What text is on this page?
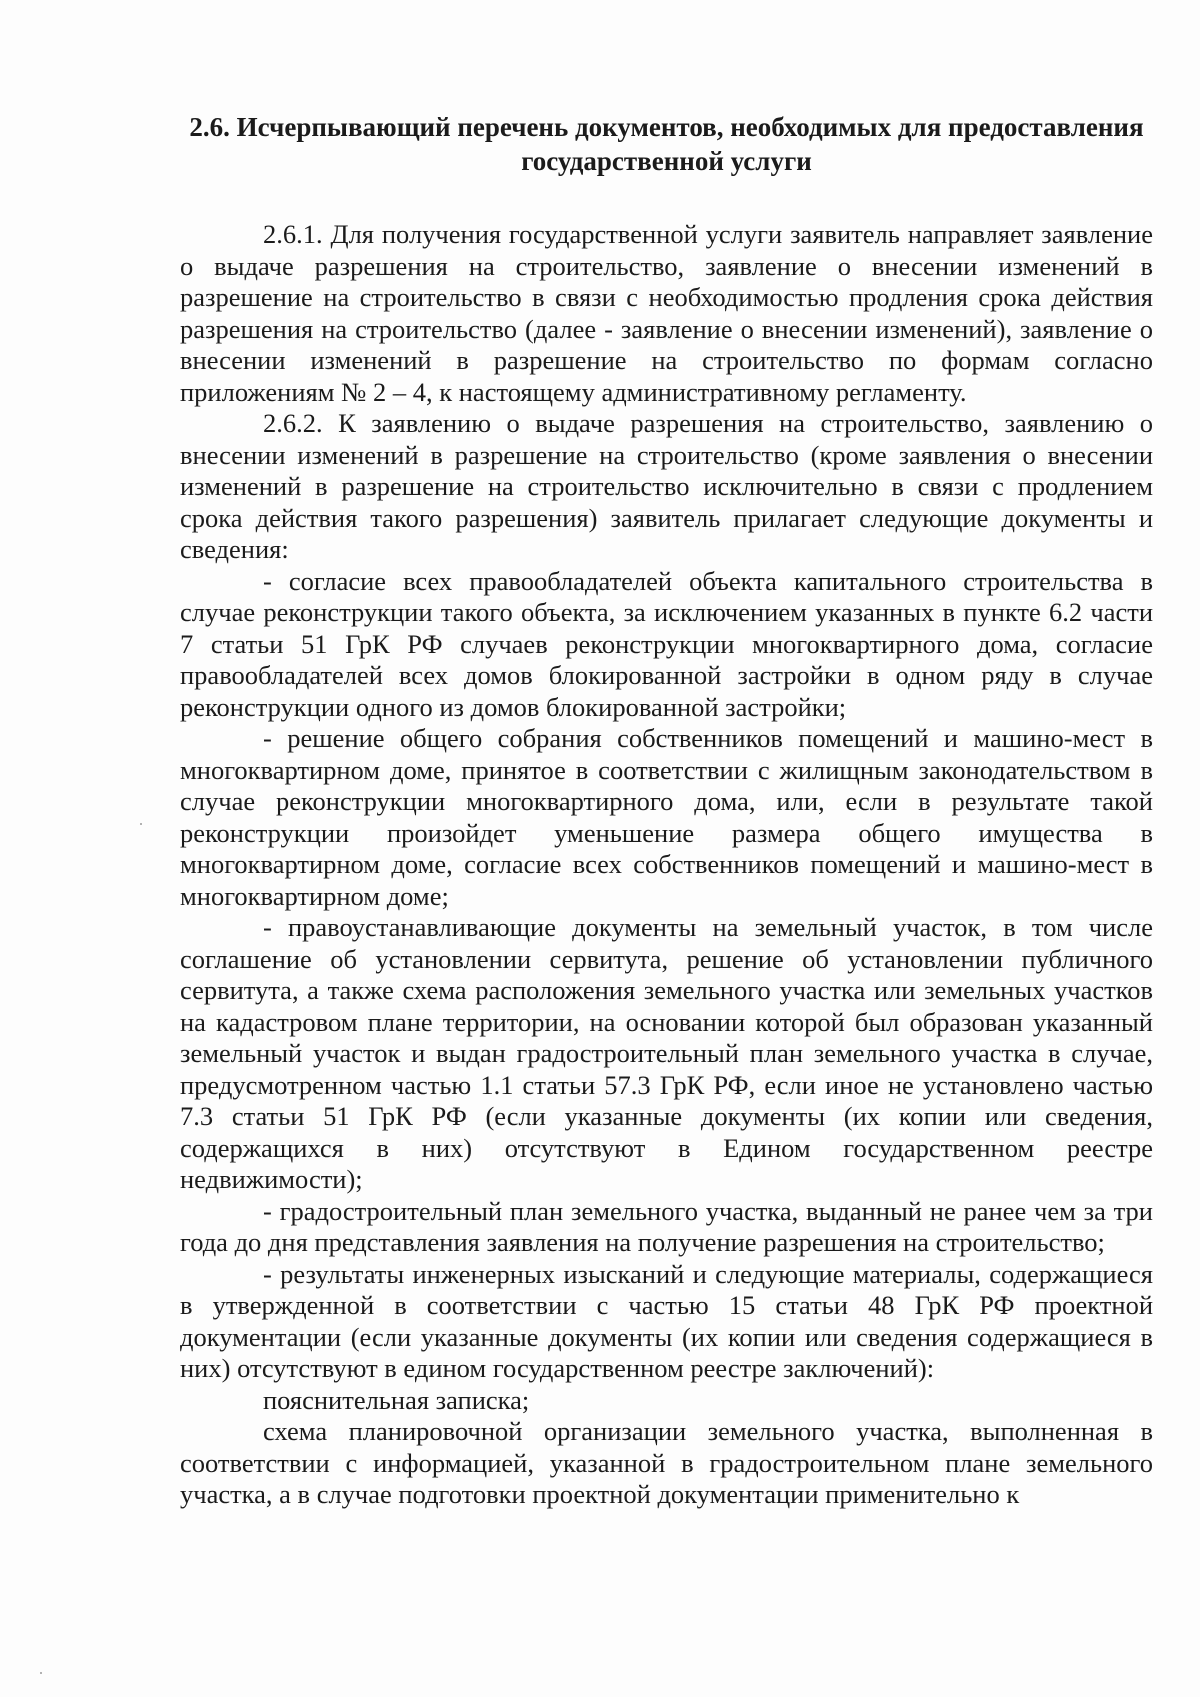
2.6. Исчерпывающий перечень документов, необходимых для предоставления
государственной услуги

2.6.1. Для получения государственной услуги заявитель направляет заявление о выдаче разрешения на строительство, заявление о внесении изменений в разрешение на строительство в связи с необходимостью продления срока действия разрешения на строительство (далее - заявление о внесении изменений), заявление о внесении изменений в разрешение на строительство по формам согласно приложениям № 2 – 4, к настоящему административному регламенту.

2.6.2. К заявлению о выдаче разрешения на строительство, заявлению о внесении изменений в разрешение на строительство (кроме заявления о внесении изменений в разрешение на строительство исключительно в связи с продлением срока действия такого разрешения) заявитель прилагает следующие документы и сведения:

- согласие всех правообладателей объекта капитального строительства в случае реконструкции такого объекта, за исключением указанных в пункте 6.2 части 7 статьи 51 ГрК РФ случаев реконструкции многоквартирного дома, согласие правообладателей всех домов блокированной застройки в одном ряду в случае реконструкции одного из домов блокированной застройки;

- решение общего собрания собственников помещений и машино-мест в многоквартирном доме, принятое в соответствии с жилищным законодательством в случае реконструкции многоквартирного дома, или, если в результате такой реконструкции произойдет уменьшение размера общего имущества в многоквартирном доме, согласие всех собственников помещений и машино-мест в многоквартирном доме;

- правоустанавливающие документы на земельный участок, в том числе соглашение об установлении сервитута, решение об установлении публичного сервитута, а также схема расположения земельного участка или земельных участков на кадастровом плане территории, на основании которой был образован указанный земельный участок и выдан градостроительный план земельного участка в случае, предусмотренном частью 1.1 статьи 57.3 ГрК РФ, если иное не установлено частью 7.3 статьи 51 ГрК РФ (если указанные документы (их копии или сведения, содержащихся в них) отсутствуют в Едином государственном реестре недвижимости);

- градостроительный план земельного участка, выданный не ранее чем за три года до дня представления заявления на получение разрешения на строительство;

- результаты инженерных изысканий и следующие материалы, содержащиеся в утвержденной в соответствии с частью 15 статьи 48 ГрК РФ проектной документации (если указанные документы (их копии или сведения содержащиеся в них) отсутствуют в едином государственном реестре заключений):

пояснительная записка;

схема планировочной организации земельного участка, выполненная в соответствии с информацией, указанной в градостроительном плане земельного участка, а в случае подготовки проектной документации применительно к
